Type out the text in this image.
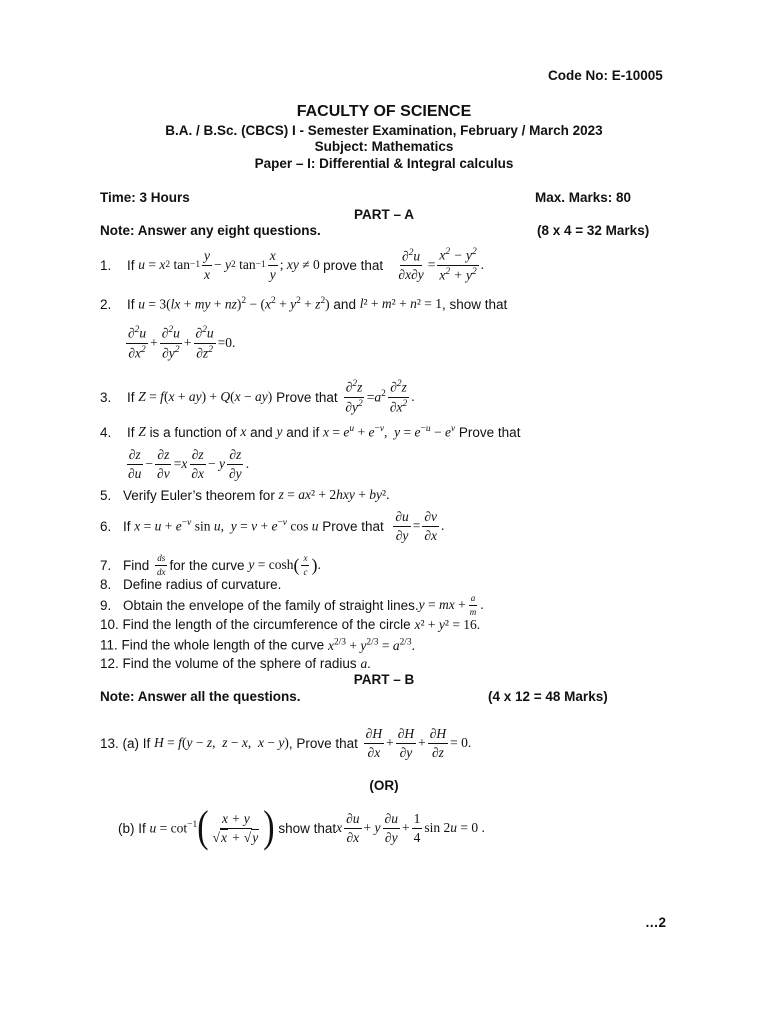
Code No: E-10005
FACULTY OF SCIENCE
B.A. / B.Sc. (CBCS) I - Semester Examination, February / March 2023
Subject: Mathematics
Paper – I: Differential & Integral calculus
Time: 3 Hours	Max. Marks: 80
PART – A
Note: Answer any eight questions.	(8 x 4 = 32 Marks)
1.	If
u = x 2 $\tan -1 \frac{y}{x} - y$ 2 $\tan -1 \frac{x}{y}$ ; xy ≠ 0 prove that
$\frac{\partial^2u}{\partial x\partial y} = \frac{x^2 - y^2}{x^2 + y^2}$ .
2.	If
u = 3(lx + my + $nz)^2 - (x^2 + y^2 + z^2)$
and
l² + m² + n² = 1 , show that
$\frac{\partial^2u}{\partial x^2} + \frac{\partial^2u}{\partial y^2} + \frac{\partial^2u}{\partial z^2} =0$.
3.	If
Z = f(x + ay) + Q(x − ay)
Prove that
$\frac{\partial^2z}{\partial y^2} =a^2 \frac{\partial^2z}{\partial x^2}$ .
4.	If
Z
is a function of
x
and
y
and if
$x = e^u + e^{-v}$,  $y = e^{-u} - e^v$
Prove that
$\frac{\partial z}{\partial u} - \frac{\partial z}{\partial v} =x \frac{\partial z}{\partial x} - y \frac{\partial z}{\partial y}$ .
5. Verify Euler’s theorem for
z = ax² + 2hxy + by².
6. If
$x = u + e^{-v}$ sin u,  $y = v + e^{-v}$ cos u
Prove that
$\frac{\partial u}{\partial y} = \frac{\partial v}{\partial x}$ .
7. Find
$\frac{ds}{dx}$ for the curve
y = cosh ( $\frac{x}{c}$ ) .
8. Define radius of curvature.
9. Obtain the envelope of the family of straight lines. y = mx + $\frac{a}{m}$ .
10. Find the length of the circumference of the circle x² + y² = 16.
11. Find the whole length of the curve $x^{2/3} + y^{2/3} = a^{2/3}$.
12. Find the volume of the sphere of radius a.
PART – B
Note: Answer all the questions.	(4 x 12 = 48 Marks)
13. (a) If
H = f(y − z,  z − x,  x − y) , Prove that
$\frac{\partial H}{\partial x} + \frac{\partial H}{\partial y} + \frac{\partial H}{\partial z} = 0$.
(OR)
(b) If
$u = \cot^{-1}$ ( $\frac{x + y}{√x + √y}$ )
show that x $\frac{\partial u}{\partial x} + y \frac{\partial u}{\partial y} + \frac{1}{4}$ sin 2u = 0 .
…2
